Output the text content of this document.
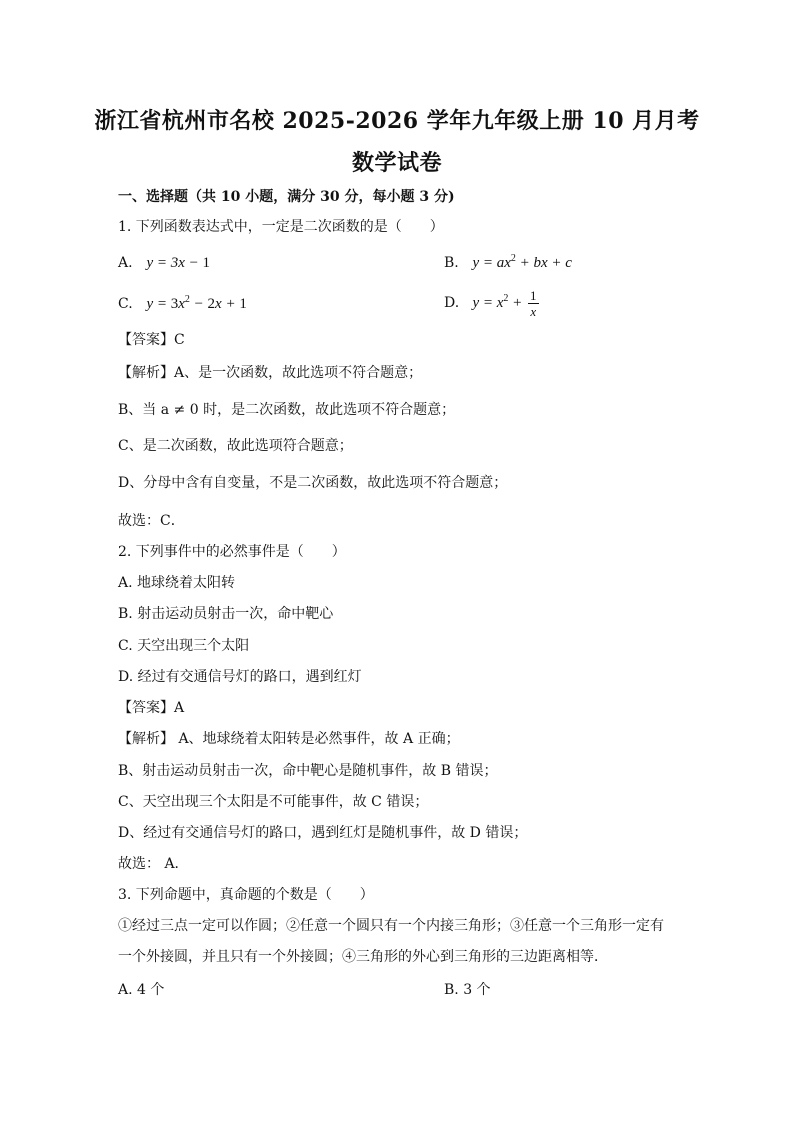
浙江省杭州市名校 2025-2026 学年九年级上册 10 月月考
数学试卷
一、选择题（共 10 小题，满分 30 分，每小题 3 分)
1. 下列函数表达式中，一定是二次函数的是（　　）
A. y = 3x − 1	B. $y = ax^2$ + bx + c
C. $y = 3x^2 - 2x + 1$	D. $y = x^2 + \frac{1}{x}$
【答案】C
【解析】A、是一次函数，故此选项不符合题意；
B、当 a ≠ 0 时，是二次函数，故此选项不符合题意；
C、是二次函数，故此选项符合题意；
D、分母中含有自变量，不是二次函数，故此选项不符合题意；
故选：C．
2. 下列事件中的必然事件是（　　）
A. 地球绕着太阳转
B. 射击运动员射击一次，命中靶心
C. 天空出现三个太阳
D. 经过有交通信号灯的路口，遇到红灯
【答案】A
【解析】 A、地球绕着太阳转是必然事件，故 A 正确；
B、射击运动员射击一次，命中靶心是随机事件，故 B 错误；
C、天空出现三个太阳是不可能事件，故 C 错误；
D、经过有交通信号灯的路口，遇到红灯是随机事件，故 D 错误；
故选： A．
3. 下列命题中，真命题的个数是（　　）
①经过三点一定可以作圆；②任意一个圆只有一个内接三角形；③任意一个三角形一定有
一个外接圆，并且只有一个外接圆；④三角形的外心到三角形的三边距离相等．
A. 4 个	B. 3 个
